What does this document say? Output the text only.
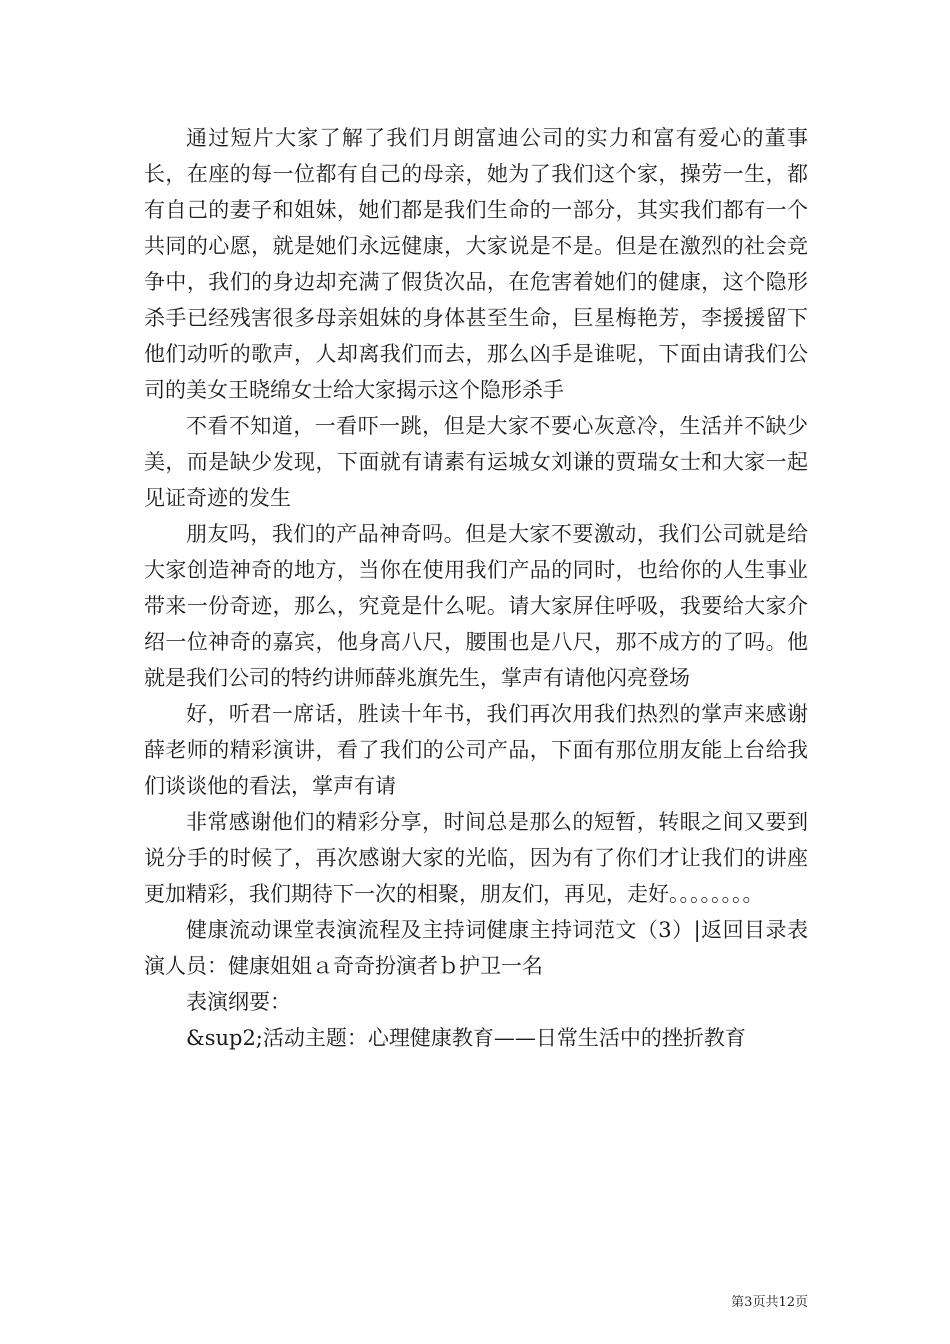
通过短片大家了解了我们月朗富迪公司的实力和富有爱心的董事长，在座的每一位都有自己的母亲，她为了我们这个家，操劳一生，都有自己的妻子和姐妹，她们都是我们生命的一部分，其实我们都有一个共同的心愿，就是她们永远健康，大家说是不是。但是在激烈的社会竞争中，我们的身边却充满了假货次品，在危害着她们的健康，这个隐形杀手已经残害很多母亲姐妹的身体甚至生命，巨星梅艳芳，李援援留下他们动听的歌声，人却离我们而去，那么凶手是谁呢，下面由请我们公司的美女王晓绵女士给大家揭示这个隐形杀手

不看不知道，一看吓一跳，但是大家不要心灰意冷，生活并不缺少美，而是缺少发现，下面就有请素有运城女刘谦的贾瑞女士和大家一起见证奇迹的发生

朋友吗，我们的产品神奇吗。但是大家不要激动，我们公司就是给大家创造神奇的地方，当你在使用我们产品的同时，也给你的人生事业带来一份奇迹，那么，究竟是什么呢。请大家屏住呼吸，我要给大家介绍一位神奇的嘉宾，他身高八尺，腰围也是八尺，那不成方的了吗。他就是我们公司的特约讲师薛兆旗先生，掌声有请他闪亮登场

好，听君一席话，胜读十年书，我们再次用我们热烈的掌声来感谢薛老师的精彩演讲，看了我们的公司产品，下面有那位朋友能上台给我们谈谈他的看法，掌声有请

非常感谢他们的精彩分享，时间总是那么的短暂，转眼之间又要到说分手的时候了，再次感谢大家的光临，因为有了你们才让我们的讲座更加精彩，我们期待下一次的相聚，朋友们，再见，走好。。。。。。。。

健康流动课堂表演流程及主持词健康主持词范文（3）|返回目录表演人员：健康姐姐ａ奇奇扮演者ｂ护卫一名

表演纲要：

&sup2;活动主题：心理健康教育——日常生活中的挫折教育

第3页共12页
